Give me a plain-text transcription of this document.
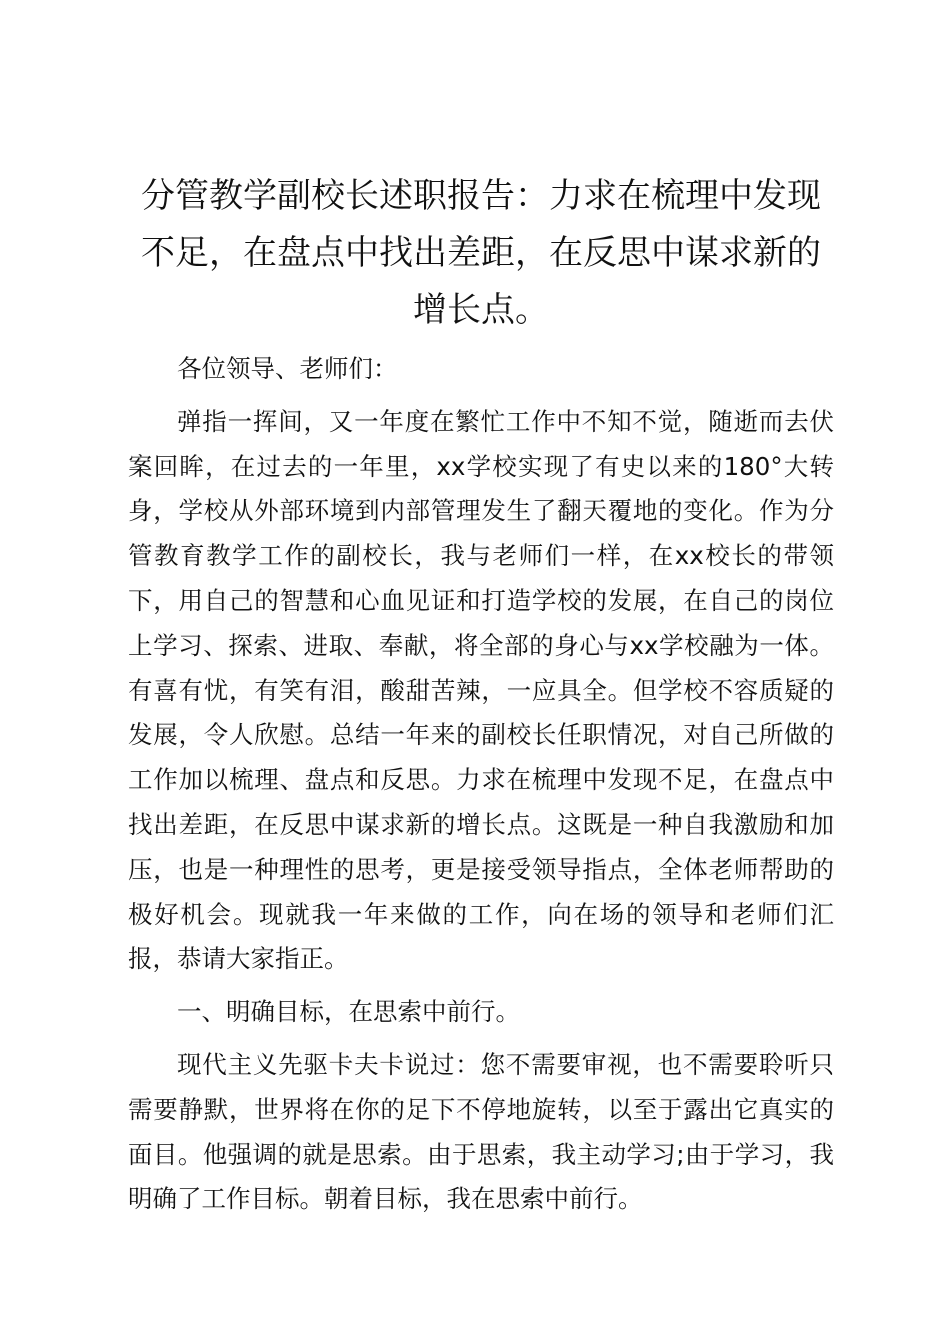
分管教学副校长述职报告：力求在梳理中发现不足，在盘点中找出差距，在反思中谋求新的增长点。

各位领导、老师们：

弹指一挥间，又一年度在繁忙工作中不知不觉，随逝而去伏案回眸，在过去的一年里，xx学校实现了有史以来的180°大转身，学校从外部环境到内部管理发生了翻天覆地的变化。作为分管教育教学工作的副校长，我与老师们一样，在xx校长的带领下，用自己的智慧和心血见证和打造学校的发展，在自己的岗位上学习、探索、进取、奉献，将全部的身心与xx学校融为一体。有喜有忧，有笑有泪，酸甜苦辣，一应具全。但学校不容质疑的发展，令人欣慰。总结一年来的副校长任职情况，对自己所做的工作加以梳理、盘点和反思。力求在梳理中发现不足，在盘点中找出差距，在反思中谋求新的增长点。这既是一种自我激励和加压，也是一种理性的思考，更是接受领导指点，全体老师帮助的极好机会。现就我一年来做的工作，向在场的领导和老师们汇报，恭请大家指正。

一、明确目标，在思索中前行。

现代主义先驱卡夫卡说过：您不需要审视，也不需要聆听只需要静默，世界将在你的足下不停地旋转，以至于露出它真实的面目。他强调的就是思索。由于思索，我主动学习;由于学习，我明确了工作目标。朝着目标，我在思索中前行。
